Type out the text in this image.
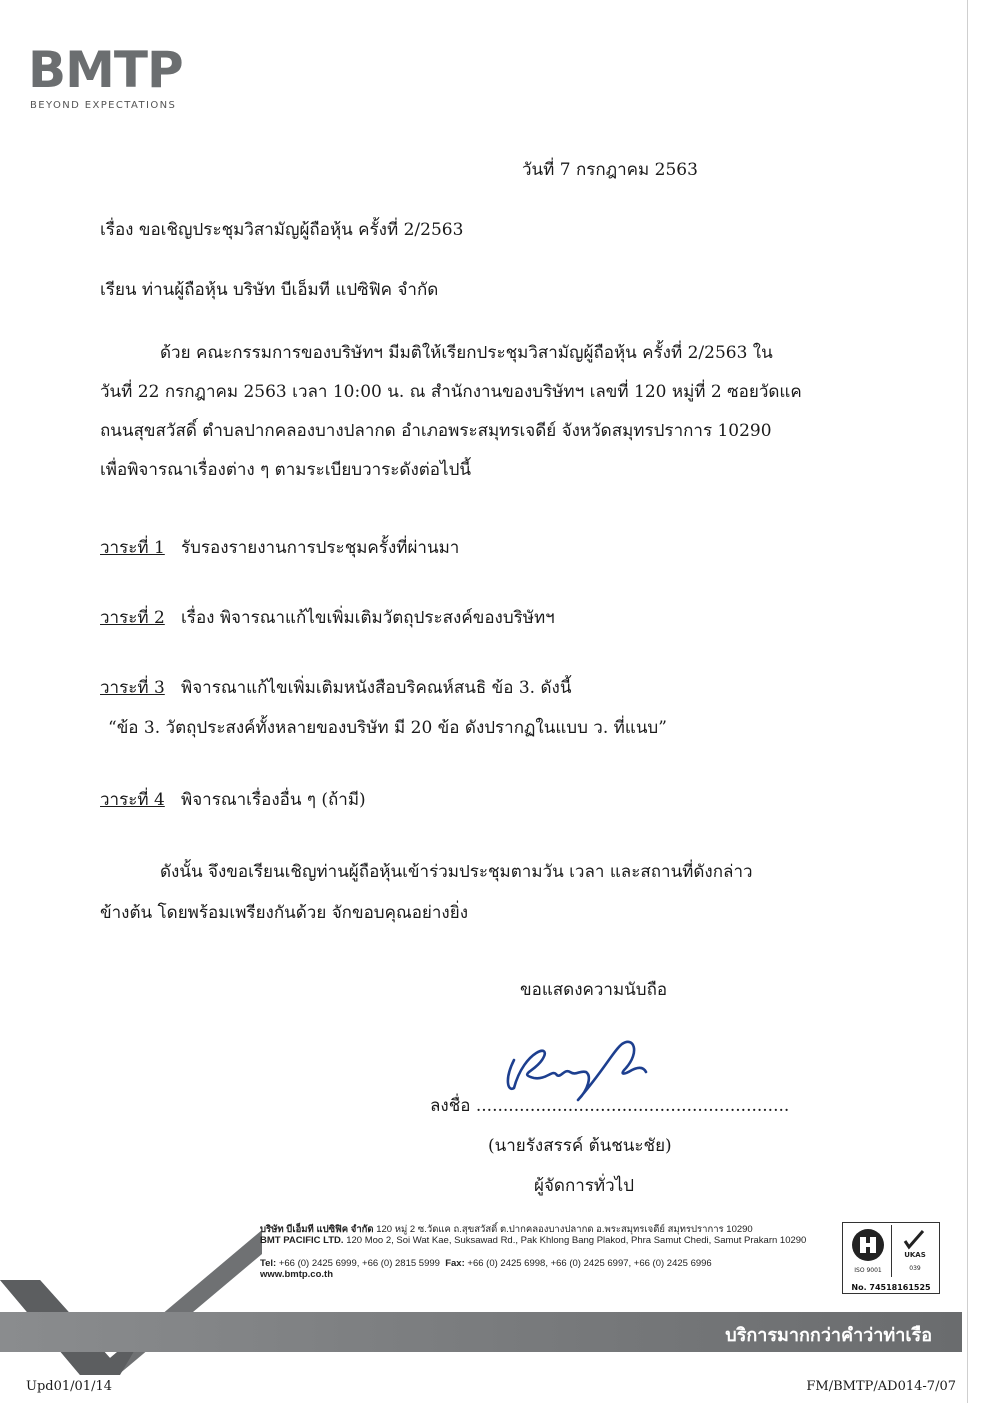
BMTP
BEYOND EXPECTATIONS
วันที่ 7 กรกฎาคม 2563
เรื่อง ขอเชิญประชุมวิสามัญผู้ถือหุ้น ครั้งที่ 2/2563
เรียน ท่านผู้ถือหุ้น บริษัท บีเอ็มที แปซิฟิค จำกัด
ด้วย คณะกรรมการของบริษัทฯ มีมติให้เรียกประชุมวิสามัญผู้ถือหุ้น ครั้งที่ 2/2563 ใน
วันที่ 22 กรกฎาคม 2563 เวลา 10:00 น. ณ สำนักงานของบริษัทฯ เลขที่ 120 หมู่ที่ 2 ซอยวัดแค
ถนนสุขสวัสดิ์ ตำบลปากคลองบางปลากด อำเภอพระสมุทรเจดีย์ จังหวัดสมุทรปราการ 10290
เพื่อพิจารณาเรื่องต่าง ๆ ตามระเบียบวาระดังต่อไปนี้
วาระที่ 1 รับรองรายงานการประชุมครั้งที่ผ่านมา
วาระที่ 2 เรื่อง พิจารณาแก้ไขเพิ่มเติมวัตถุประสงค์ของบริษัทฯ
วาระที่ 3 พิจารณาแก้ไขเพิ่มเติมหนังสือบริคณห์สนธิ ข้อ 3. ดังนี้
“ข้อ 3. วัตถุประสงค์ทั้งหลายของบริษัท มี 20 ข้อ ดังปรากฏในแบบ ว. ที่แนบ”
วาระที่ 4 พิจารณาเรื่องอื่น ๆ (ถ้ามี)
ดังนั้น จึงขอเรียนเชิญท่านผู้ถือหุ้นเข้าร่วมประชุมตามวัน เวลา และสถานที่ดังกล่าว
ข้างต้น โดยพร้อมเพรียงกันด้วย จักขอบคุณอย่างยิ่ง
ขอแสดงความนับถือ
ลงชื่อ ..........................................................
(นายรังสรรค์ ต้นชนะชัย)
ผู้จัดการทั่วไป
บริษัท บีเอ็มที แปซิฟิค จำกัด 120 หมู่ 2 ซ.วัดแค ถ.สุขสวัสดิ์ ต.ปากคลองบางปลากด อ.พระสมุทรเจดีย์ สมุทรปราการ 10290
BMT PACIFIC LTD. 120 Moo 2, Soi Wat Kae, Suksawad Rd., Pak Khlong Bang Plakod, Phra Samut Chedi, Samut Prakarn 10290
Tel: +66 (0) 2425 6999, +66 (0) 2815 5999 Fax: +66 (0) 2425 6998, +66 (0) 2425 6997, +66 (0) 2425 6996
www.bmtp.co.th	ISO 9001
UKAS
039
No. 74518161525
บริการมากกว่าคำว่าท่าเรือ
Upd01/01/14	FM/BMTP/AD014-7/07
